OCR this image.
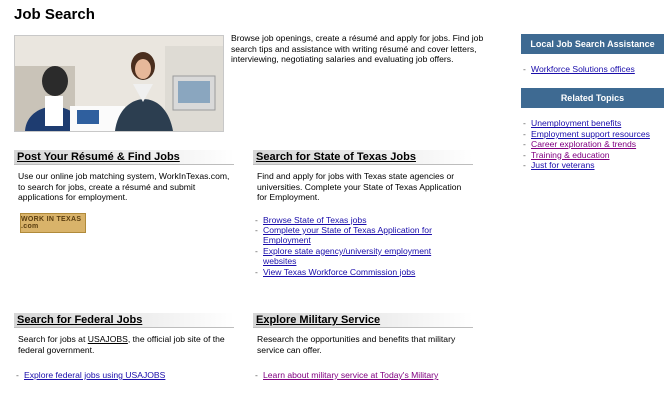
Job Search
Browse job openings, create a résumé and apply for jobs. Find job search tips and assistance with writing résumé and cover letters, interviewing, negotiating salaries and evaluating job offers.
Post Your Résumé & Find Jobs
Use our online job matching system, WorkInTexas.com, to search for jobs, create a résumé and submit applications for employment.
WORK IN TEXAS .com
Search for State of Texas Jobs
Find and apply for jobs with Texas state agencies or universities. Complete your State of Texas Application for Employment.
- Browse State of Texas jobs
- Complete your State of Texas Application for Employment
- Explore state agency/university employment websites
- View Texas Workforce Commission jobs
Search for Federal Jobs
Search for jobs at USAJOBS, the official job site of the federal government.
- Explore federal jobs using USAJOBS
Explore Military Service
Research the opportunities and benefits that military service can offer.
- Learn about military service at Today's Military
Local Job Search Assistance
- Workforce Solutions offices
Related Topics
- Unemployment benefits
- Employment support resources
- Career exploration & trends
- Training & education
- Just for veterans
